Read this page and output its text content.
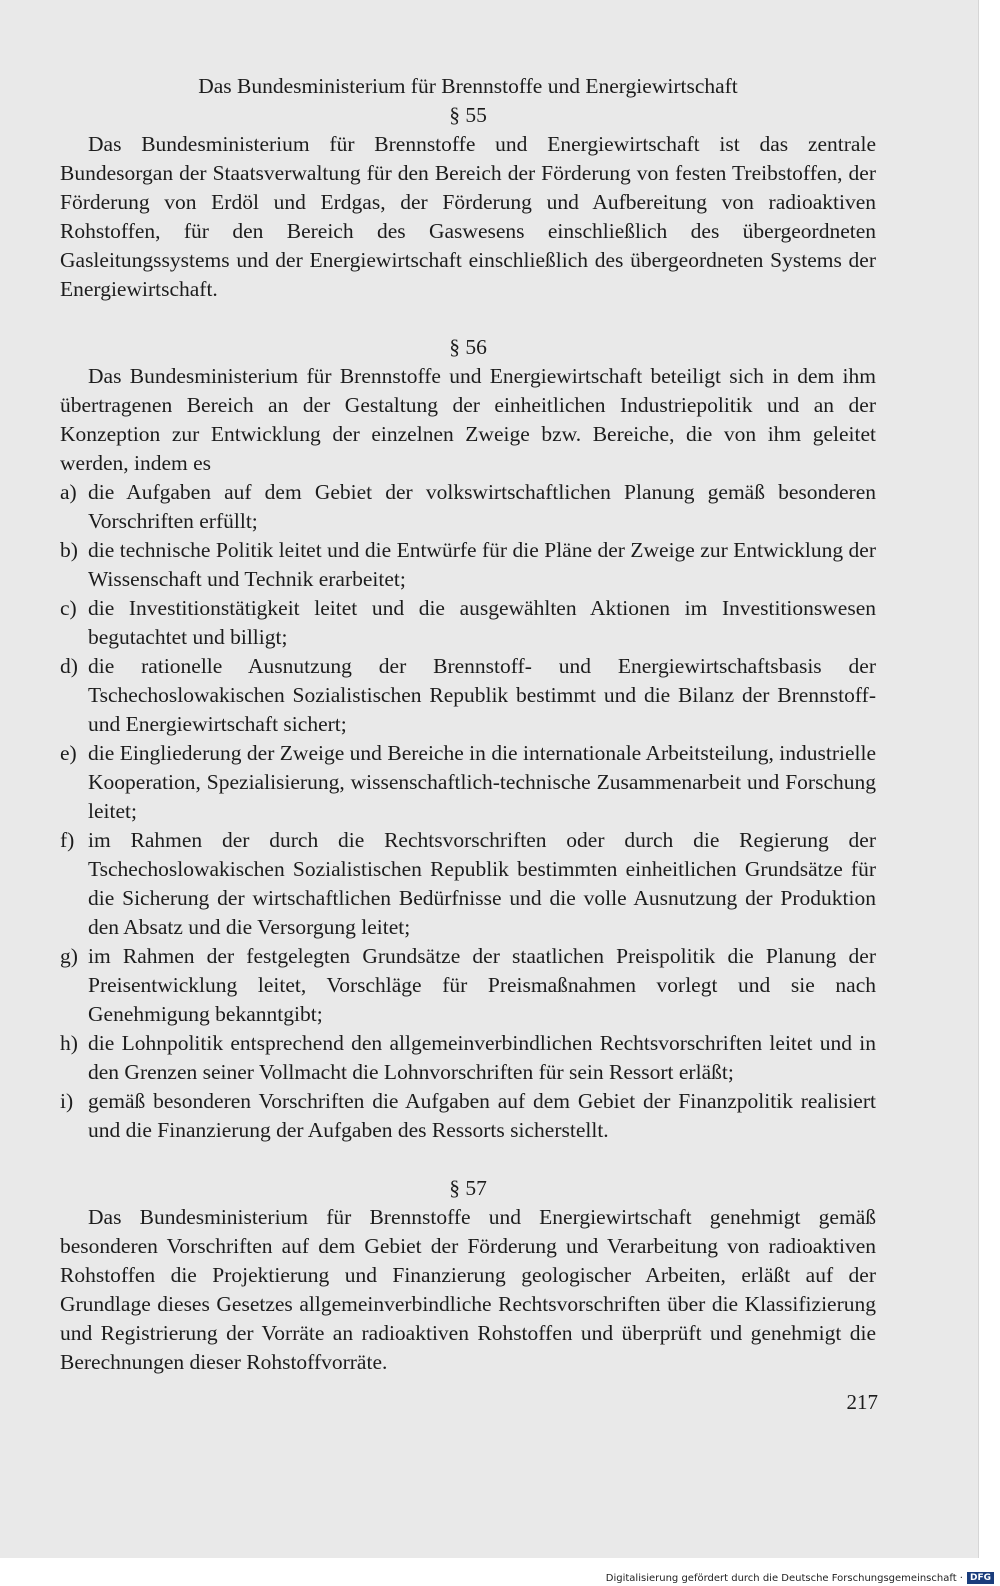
Das Bundesministerium für Brennstoffe und Energiewirtschaft
§ 55

Das Bundesministerium für Brennstoffe und Energiewirtschaft ist das zentrale Bundesorgan der Staatsverwaltung für den Bereich der Förderung von festen Treibstoffen, der Förderung von Erdöl und Erdgas, der Förderung und Aufbereitung von radioaktiven Rohstoffen, für den Bereich des Gaswesens einschließlich des übergeordneten Gasleitungssystems und der Energiewirtschaft einschließlich des übergeordneten Systems der Energiewirtschaft.

§ 56

Das Bundesministerium für Brennstoffe und Energiewirtschaft beteiligt sich in dem ihm übertragenen Bereich an der Gestaltung der einheitlichen Industriepolitik und an der Konzeption zur Entwicklung der einzelnen Zweige bzw. Bereiche, die von ihm geleitet werden, indem es

a) die Aufgaben auf dem Gebiet der volkswirtschaftlichen Planung gemäß besonderen Vorschriften erfüllt;
b) die technische Politik leitet und die Entwürfe für die Pläne der Zweige zur Entwicklung der Wissenschaft und Technik erarbeitet;
c) die Investitionstätigkeit leitet und die ausgewählten Aktionen im Investitionswesen begutachtet und billigt;
d) die rationelle Ausnutzung der Brennstoff- und Energiewirtschaftsbasis der Tschechoslowakischen Sozialistischen Republik bestimmt und die Bilanz der Brennstoff- und Energiewirtschaft sichert;
e) die Eingliederung der Zweige und Bereiche in die internationale Arbeitsteilung, industrielle Kooperation, Spezialisierung, wissenschaftlich-technische Zusammenarbeit und Forschung leitet;
f) im Rahmen der durch die Rechtsvorschriften oder durch die Regierung der Tschechoslowakischen Sozialistischen Republik bestimmten einheitlichen Grundsätze für die Sicherung der wirtschaftlichen Bedürfnisse und die volle Ausnutzung der Produktion den Absatz und die Versorgung leitet;
g) im Rahmen der festgelegten Grundsätze der staatlichen Preispolitik die Planung der Preisentwicklung leitet, Vorschläge für Preismaßnahmen vorlegt und sie nach Genehmigung bekanntgibt;
h) die Lohnpolitik entsprechend den allgemeinverbindlichen Rechtsvorschriften leitet und in den Grenzen seiner Vollmacht die Lohnvorschriften für sein Ressort erläßt;
i) gemäß besonderen Vorschriften die Aufgaben auf dem Gebiet der Finanzpolitik realisiert und die Finanzierung der Aufgaben des Ressorts sicherstellt.
§ 57

Das Bundesministerium für Brennstoffe und Energiewirtschaft genehmigt gemäß besonderen Vorschriften auf dem Gebiet der Förderung und Verarbeitung von radioaktiven Rohstoffen die Projektierung und Finanzierung geologischer Arbeiten, erläßt auf der Grundlage dieses Gesetzes allgemeinverbindliche Rechtsvorschriften über die Klassifizierung und Registrierung der Vorräte an radioaktiven Rohstoffen und überprüft und genehmigt die Berechnungen dieser Rohstoffvorräte.

217
Digitalisierung gefördert durch die Deutsche Forschungsgemeinschaft · DFG
